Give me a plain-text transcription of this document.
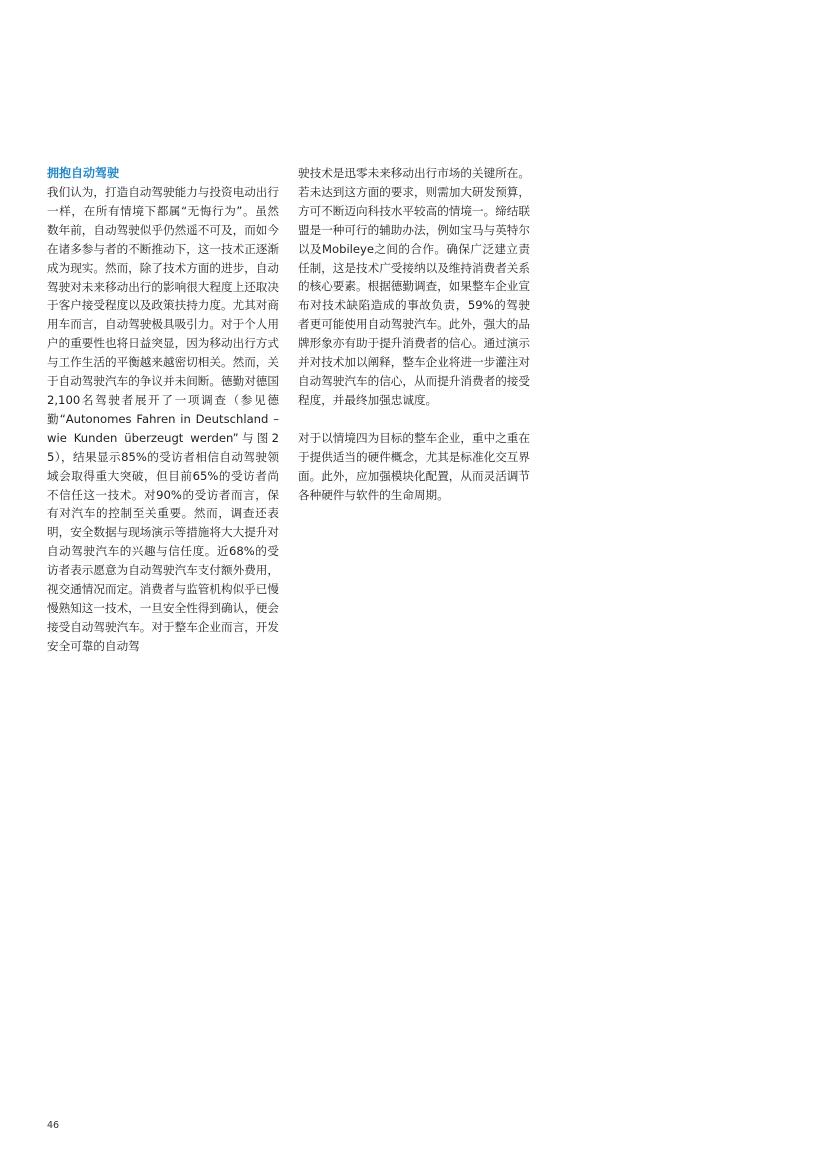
拥抱自动驾驶

我们认为，打造自动驾驶能力与投资电动出行一样，在所有情境下都属“无悔行为”。虽然数年前，自动驾驶似乎仍然遥不可及，而如今在诸多参与者的不断推动下，这一技术正逐渐成为现实。然而，除了技术方面的进步，自动驾驶对未来移动出行的影响很大程度上还取决于客户接受程度以及政策扶持力度。尤其对商用车而言，自动驾驶极具吸引力。对于个人用户的重要性也将日益突显，因为移动出行方式与工作生活的平衡越来越密切相关。然而，关于自动驾驶汽车的争议并未间断。德勤对德国2,100名驾驶者展开了一项调查（参见德勤“Autonomes Fahren in Deutschland – wie Kunden überzeugt werden”与图25），结果显示85%的受访者相信自动驾驶领域会取得重大突破，但目前65%的受访者尚不信任这一技术。对90%的受访者而言，保有对汽车的控制至关重要。然而，调查还表明，安全数据与现场演示等措施将大大提升对自动驾驶汽车的兴趣与信任度。近68%的受访者表示愿意为自动驾驶汽车支付额外费用，视交通情况而定。消费者与监管机构似乎已慢慢熟知这一技术，一旦安全性得到确认，便会接受自动驾驶汽车。对于整车企业而言，开发安全可靠的自动驾

驶技术是迅零未来移动出行市场的关键所在。若未达到这方面的要求，则需加大研发预算，方可不断迈向科技水平较高的情境一。缔结联盟是一种可行的辅助办法，例如宝马与英特尔以及Mobileye之间的合作。确保广泛建立责任制，这是技术广受接纳以及维持消费者关系的核心要素。根据德勤调查，如果整车企业宣布对技术缺陷造成的事故负责，59%的驾驶者更可能使用自动驾驶汽车。此外，强大的品牌形象亦有助于提升消费者的信心。通过演示并对技术加以阐释，整车企业将进一步灌注对自动驾驶汽车的信心，从而提升消费者的接受程度，并最终加强忠诚度。

对于以情境四为目标的整车企业，重中之重在于提供适当的硬件概念，尤其是标准化交互界面。此外，应加强模块化配置，从而灵活调节各种硬件与软件的生命周期。

46
